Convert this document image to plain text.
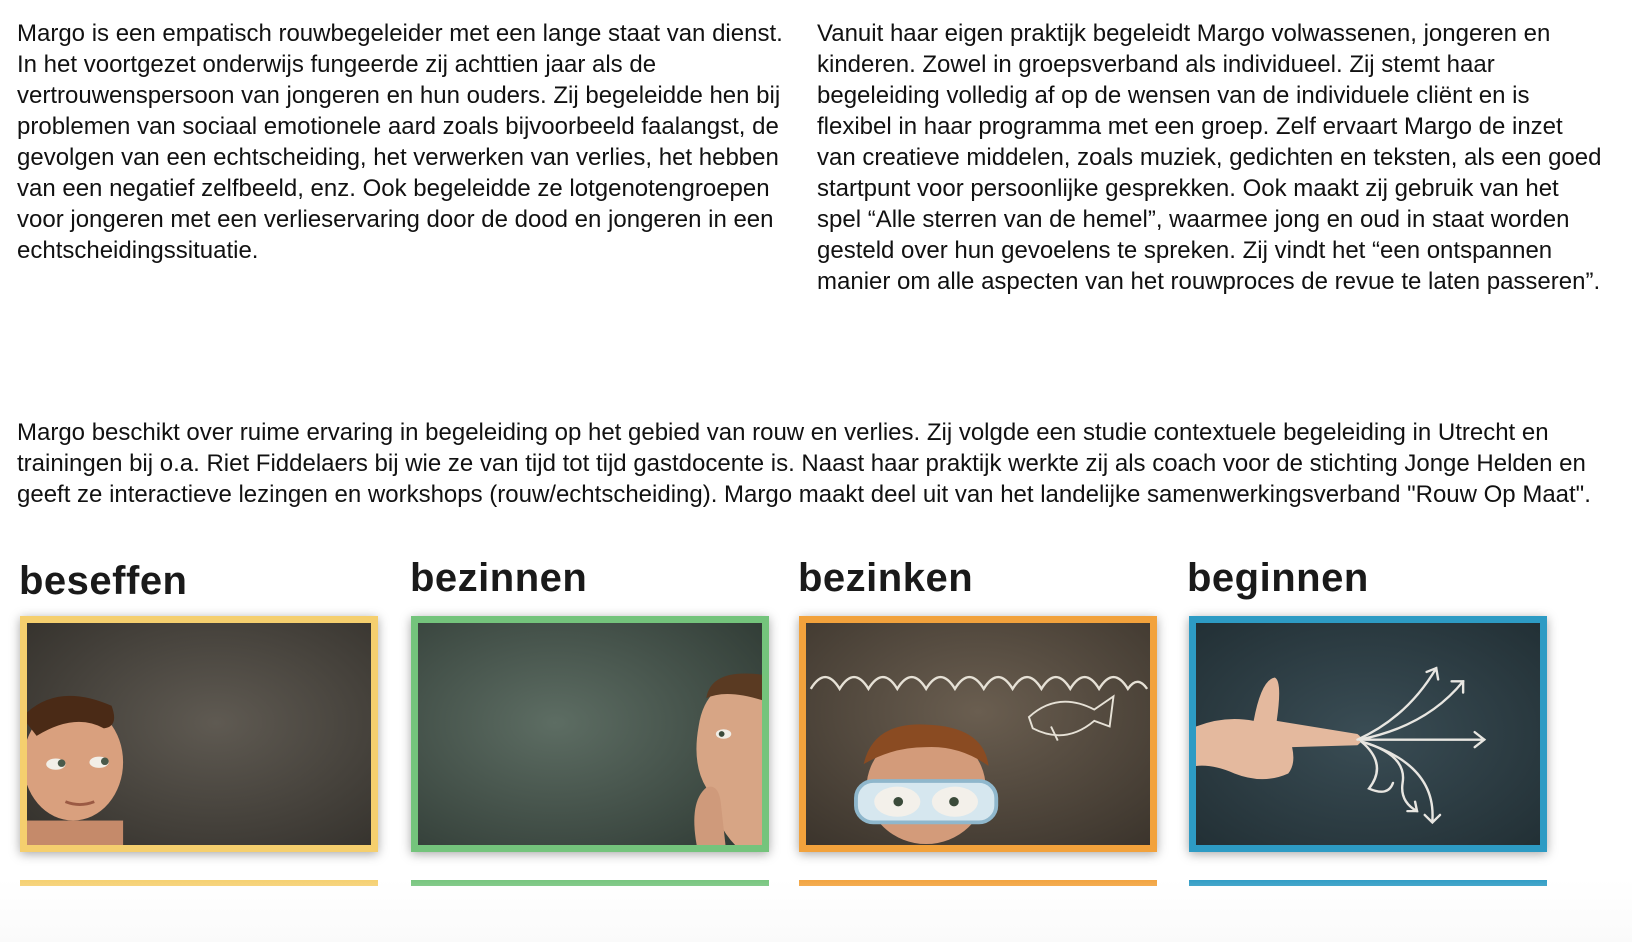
Margo is een empatisch rouwbegeleider met een lange staat van dienst. In het voortgezet onderwijs fungeerde zij achttien jaar als de vertrouwenspersoon van jongeren en hun ouders. Zij begeleidde hen bij problemen van sociaal emotionele aard zoals bijvoorbeeld faalangst, de gevolgen van een echtscheiding, het verwerken van verlies, het hebben van een negatief zelfbeeld, enz. Ook begeleidde ze lotgenotengroepen voor jongeren met een verlieservaring door de dood en jongeren in een echtscheidingssituatie.

Vanuit haar eigen praktijk begeleidt Margo volwassenen, jongeren en kinderen. Zowel in groepsverband als individueel. Zij stemt haar begeleiding volledig af op de wensen van de individuele cliënt en is flexibel in haar programma met een groep. Zelf ervaart Margo de inzet van creatieve middelen, zoals muziek, gedichten en teksten, als een goed startpunt voor persoonlijke gesprekken. Ook maakt zij gebruik van het spel “Alle sterren van de hemel”, waarmee jong en oud in staat worden gesteld over hun gevoelens te spreken. Zij vindt het “een ontspannen manier om alle aspecten van het rouwproces de revue te laten passeren”.

Margo beschikt over ruime ervaring in begeleiding op het gebied van rouw en verlies. Zij volgde een studie contextuele begeleiding in Utrecht en trainingen bij o.a. Riet Fiddelaers bij wie ze van tijd tot tijd gastdocente is. Naast haar praktijk werkte zij als coach voor de stichting Jonge Helden en geeft ze interactieve lezingen en workshops (rouw/echtscheiding). Margo maakt deel uit van het landelijke samenwerkingsverband "Rouw Op Maat".

beseffen	bezinnen	bezinken	beginnen
